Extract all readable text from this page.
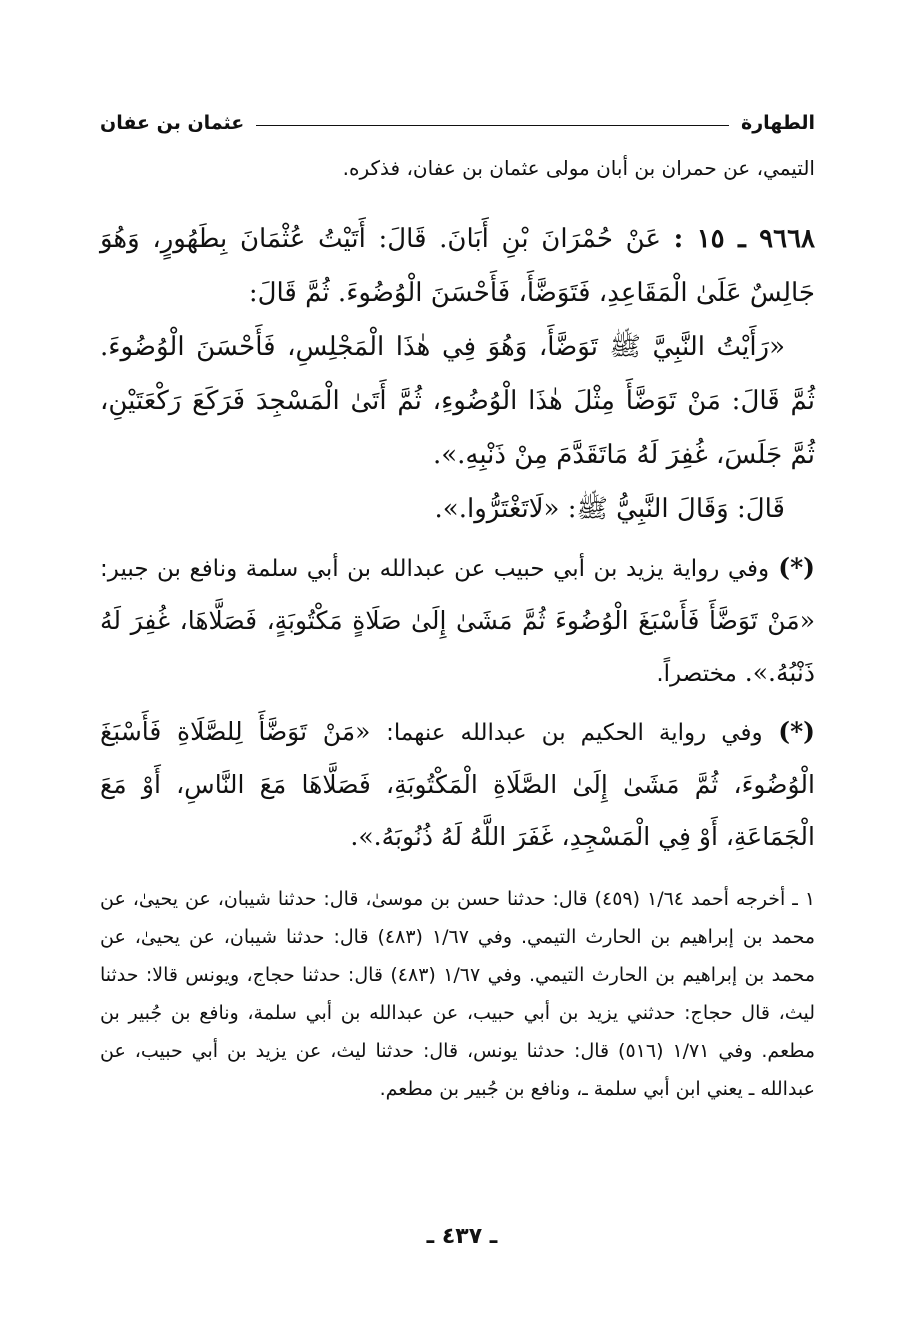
الطهارة
عثمان بن عفان
التيمي، عن حمران بن أبان مولى عثمان بن عفان، فذكره.

٩٦٦٨ ـ ١٥ : عَنْ حُمْرَانَ بْنِ أَبَانَ. قَالَ: أَتَيْتُ عُثْمَانَ بِطَهُورٍ، وَهُوَ جَالِسٌ عَلَىٰ الْمَقَاعِدِ، فَتَوَضَّأَ، فَأَحْسَنَ الْوُضُوءَ. ثُمَّ قَالَ:

«رَأَيْتُ النَّبِيَّ ﷺ تَوَضَّأَ، وَهُوَ فِي هٰذَا الْمَجْلِسِ، فَأَحْسَنَ الْوُضُوءَ. ثُمَّ قَالَ: مَنْ تَوَضَّأَ مِثْلَ هٰذَا الْوُضُوءِ، ثُمَّ أَتَىٰ الْمَسْجِدَ فَرَكَعَ رَكْعَتَيْنِ، ثُمَّ جَلَسَ، غُفِرَ لَهُ مَاتَقَدَّمَ مِنْ ذَنْبِهِ.».

قَالَ: وَقَالَ النَّبِيُّ ﷺ: «لَاتَغْتَرُّوا.».

(*) وفي رواية يزيد بن أبي حبيب عن عبدالله بن أبي سلمة ونافع بن جبير: «مَنْ تَوَضَّأَ فَأَسْبَغَ الْوُضُوءَ ثُمَّ مَشَىٰ إِلَىٰ صَلَاةٍ مَكْتُوبَةٍ، فَصَلَّاهَا، غُفِرَ لَهُ ذَنْبُهُ.». مختصراً.

(*) وفي رواية الحكيم بن عبدالله عنهما: «مَنْ تَوَضَّأَ لِلصَّلَاةِ فَأَسْبَغَ الْوُضُوءَ، ثُمَّ مَشَىٰ إِلَىٰ الصَّلَاةِ الْمَكْتُوبَةِ، فَصَلَّاهَا مَعَ النَّاسِ، أَوْ مَعَ الْجَمَاعَةِ، أَوْ فِي الْمَسْجِدِ، غَفَرَ اللَّهُ لَهُ ذُنُوبَهُ.».

١ ـ أخرجه أحمد ١/٦٤ (٤٥٩) قال: حدثنا حسن بن موسىٰ، قال: حدثنا شيبان، عن يحيىٰ، عن محمد بن إبراهيم بن الحارث التيمي. وفي ١/٦٧ (٤٨٣) قال: حدثنا شيبان، عن يحيىٰ، عن محمد بن إبراهيم بن الحارث التيمي. وفي ١/٦٧ (٤٨٣) قال: حدثنا حجاج، ويونس قالا: حدثنا ليث، قال حجاج: حدثني يزيد بن أبي حبيب، عن عبدالله بن أبي سلمة، ونافع بن جُبير بن مطعم. وفي ١/٧١ (٥١٦) قال: حدثنا يونس، قال: حدثنا ليث، عن يزيد بن أبي حبيب، عن عبدالله ـ يعني ابن أبي سلمة ـ، ونافع بن جُبير بن مطعم.

ـ ٤٣٧ ـ
